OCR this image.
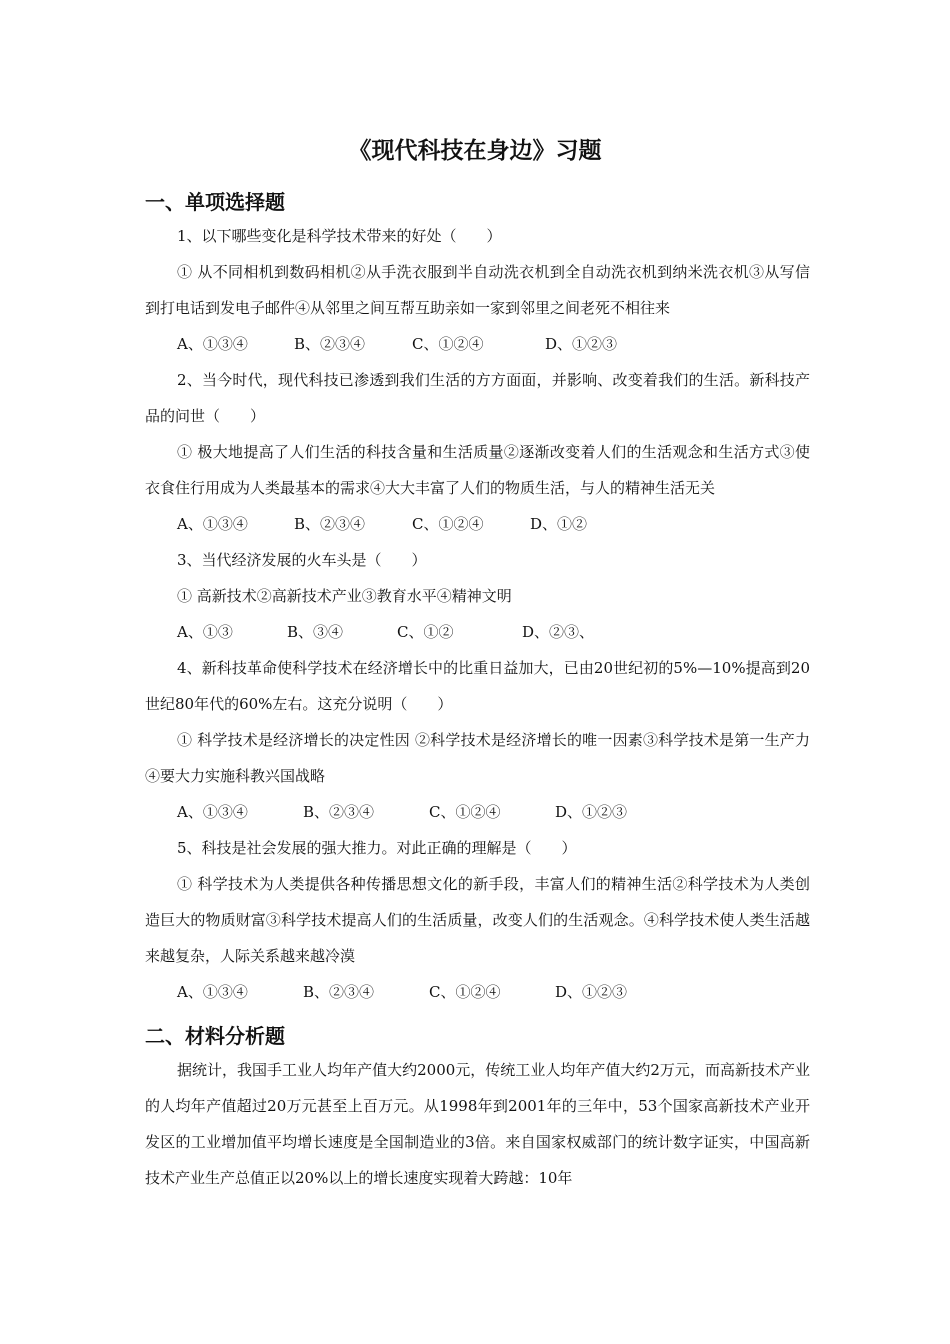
《现代科技在身边》习题
一、单项选择题

1、以下哪些变化是科学技术带来的好处（　　）

① 从不同相机到数码相机②从手洗衣服到半自动洗衣机到全自动洗衣机到纳米洗衣机③从写信到打电话到发电子邮件④从邻里之间互帮互助亲如一家到邻里之间老死不相往来

A、①③④	B、②③④	C、①②④	D、①②③

2、当今时代，现代科技已渗透到我们生活的方方面面，并影响、改变着我们的生活。新科技产品的问世（　　）

① 极大地提高了人们生活的科技含量和生活质量②逐渐改变着人们的生活观念和生活方式③使衣食住行用成为人类最基本的需求④大大丰富了人们的物质生活，与人的精神生活无关

A、①③④	B、②③④	C、①②④	D、①②

3、当代经济发展的火车头是（　　）

① 高新技术②高新技术产业③教育水平④精神文明

A、①③	B、③④	C、①②	D、②③、

4、新科技革命使科学技术在经济增长中的比重日益加大，已由20世纪初的5%—10%提高到20世纪80年代的60%左右。这充分说明（　　）

① 科学技术是经济增长的决定性因 ②科学技术是经济增长的唯一因素③科学技术是第一生产力④要大力实施科教兴国战略

A、①③④	B、②③④	C、①②④	D、①②③

5、科技是社会发展的强大推力。对此正确的理解是（　　）

① 科学技术为人类提供各种传播思想文化的新手段，丰富人们的精神生活②科学技术为人类创造巨大的物质财富③科学技术提高人们的生活质量，改变人们的生活观念。④科学技术使人类生活越来越复杂，人际关系越来越冷漠

A、①③④	B、②③④	C、①②④	D、①②③

二、材料分析题

据统计，我国手工业人均年产值大约2000元，传统工业人均年产值大约2万元，而高新技术产业的人均年产值超过20万元甚至上百万元。从1998年到2001年的三年中，53个国家高新技术产业开发区的工业增加值平均增长速度是全国制造业的3倍。来自国家权威部门的统计数字证实，中国高新技术产业生产总值正以20%以上的增长速度实现着大跨越：10年
